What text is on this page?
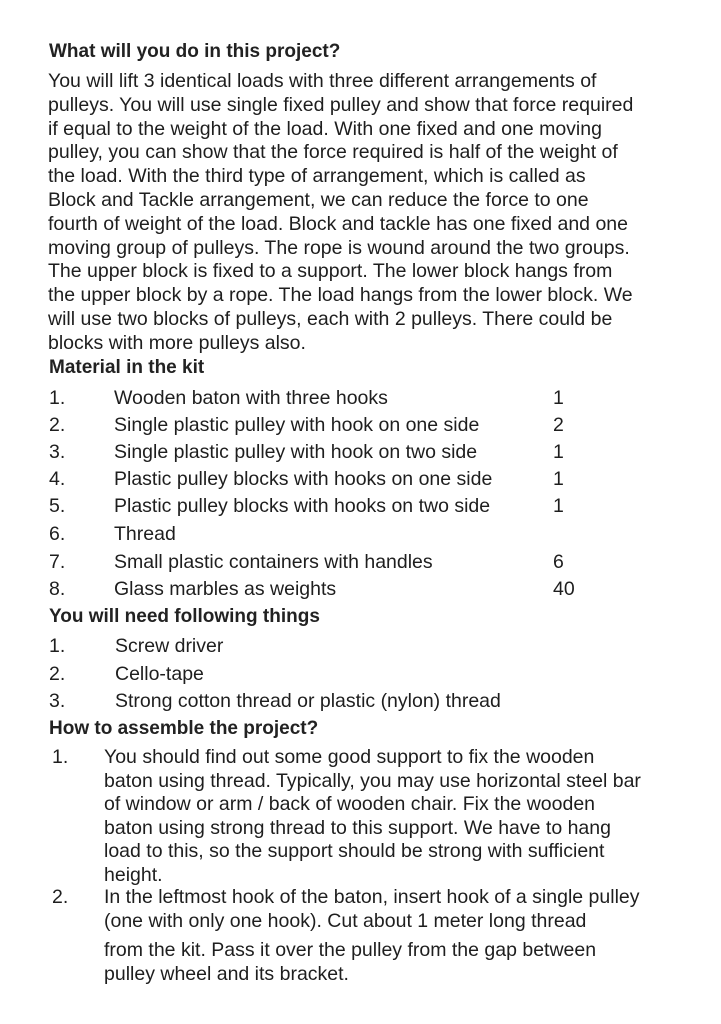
What will you do in this project?
You will lift 3 identical loads with three different arrangements of
pulleys. You will use single fixed pulley and show that force required
if equal to the weight of the load. With one fixed and one moving
pulley, you can show that the force required is half of the weight of
the load. With the third type of arrangement, which is called as
Block and Tackle arrangement, we can reduce the force to one
fourth of weight of the load. Block and tackle has one fixed and one
moving group of pulleys. The rope is wound around the two groups.
The upper block is fixed to a support. The lower block hangs from
the upper block by a rope. The load hangs from the lower block. We
will use two blocks of pulleys, each with 2 pulleys. There could be
blocks with more pulleys also.
Material in the kit
1. Wooden baton with three hooks	1
2. Single plastic pulley with hook on one side	2
3. Single plastic pulley with hook on two side	1
4. Plastic pulley blocks with hooks on one side	1
5. Plastic pulley blocks with hooks on two side	1
6. Thread
7. Small plastic containers with handles	6
8. Glass marbles as weights	40
You will need following things
1.	Screw driver
2.	Cello-tape
3.	Strong cotton thread or plastic (nylon) thread
How to assemble the project?
1. You should find out some good support to fix the wooden
baton using thread. Typically, you may use horizontal steel bar
of window or arm / back of wooden chair. Fix the wooden
baton using strong thread to this support. We have to hang
load to this, so the support should be strong with sufficient
height.
2. In the leftmost hook of the baton, insert hook of a single pulley
(one with only one hook). Cut about 1 meter long thread
from the kit. Pass it over the pulley from the gap between
pulley wheel and its bracket.
